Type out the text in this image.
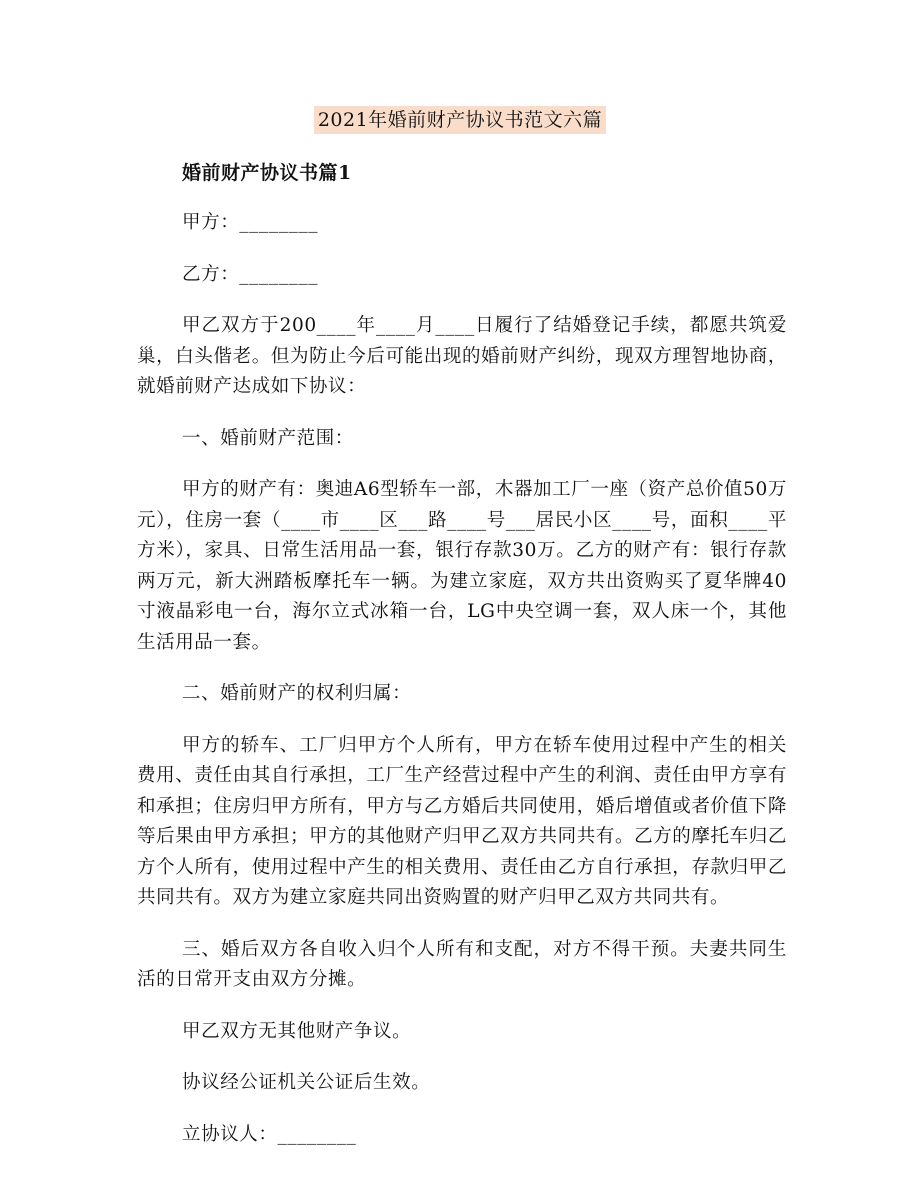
2021年婚前财产协议书范文六篇
婚前财产协议书篇1

甲方：________

乙方：________

甲乙双方于200____年____月____日履行了结婚登记手续，都愿共筑爱巢，白头偕老。但为防止今后可能出现的婚前财产纠纷，现双方理智地协商，就婚前财产达成如下协议：

一、婚前财产范围：

甲方的财产有：奥迪A6型轿车一部，木器加工厂一座（资产总价值50万元），住房一套（____市____区___路____号___居民小区____号，面积____平方米），家具、日常生活用品一套，银行存款30万。乙方的财产有：银行存款两万元，新大洲踏板摩托车一辆。为建立家庭，双方共出资购买了夏华牌40寸液晶彩电一台，海尔立式冰箱一台，LG中央空调一套，双人床一个，其他生活用品一套。

二、婚前财产的权利归属：

甲方的轿车、工厂归甲方个人所有，甲方在轿车使用过程中产生的相关费用、责任由其自行承担，工厂生产经营过程中产生的利润、责任由甲方享有和承担；住房归甲方所有，甲方与乙方婚后共同使用，婚后增值或者价值下降等后果由甲方承担；甲方的其他财产归甲乙双方共同共有。乙方的摩托车归乙方个人所有，使用过程中产生的相关费用、责任由乙方自行承担，存款归甲乙共同共有。双方为建立家庭共同出资购置的财产归甲乙双方共同共有。

三、婚后双方各自收入归个人所有和支配，对方不得干预。夫妻共同生活的日常开支由双方分摊。

甲乙双方无其他财产争议。

协议经公证机关公证后生效。

立协议人：________
